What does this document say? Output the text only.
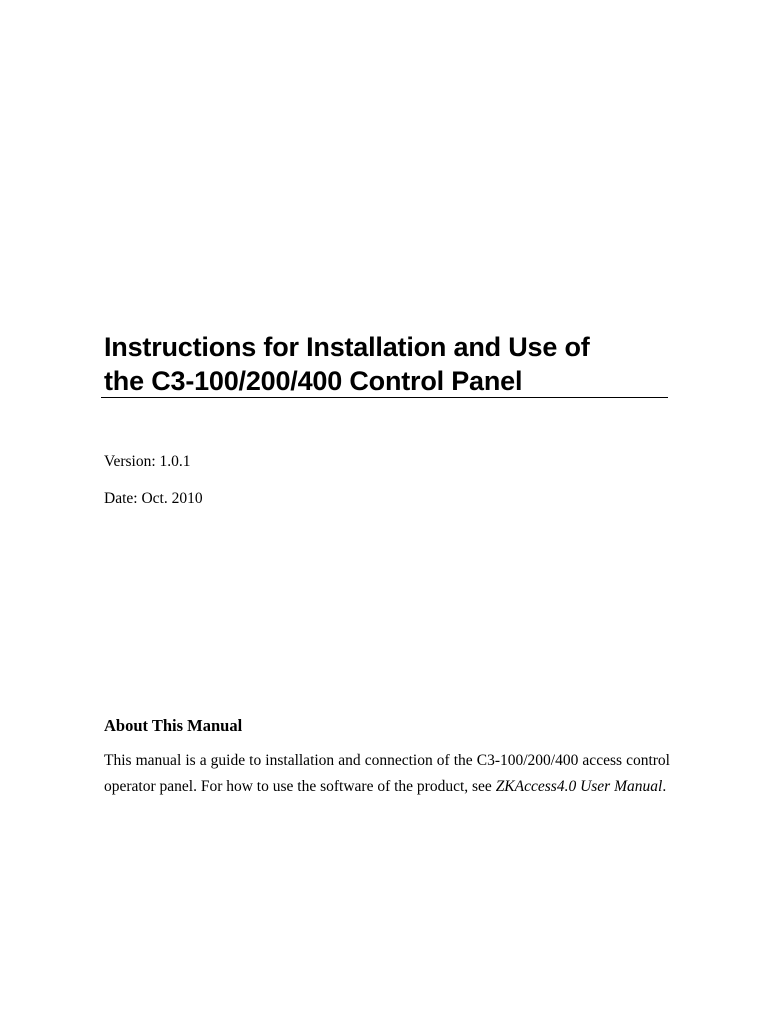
Instructions for Installation and Use of
the C3-100/200/400 Control Panel

Version: 1.0.1

Date: Oct. 2010

About This Manual

This manual is a guide to installation and connection of the C3-100/200/400 access control operator panel. For how to use the software of the product, see ZKAccess4.0 User Manual.
